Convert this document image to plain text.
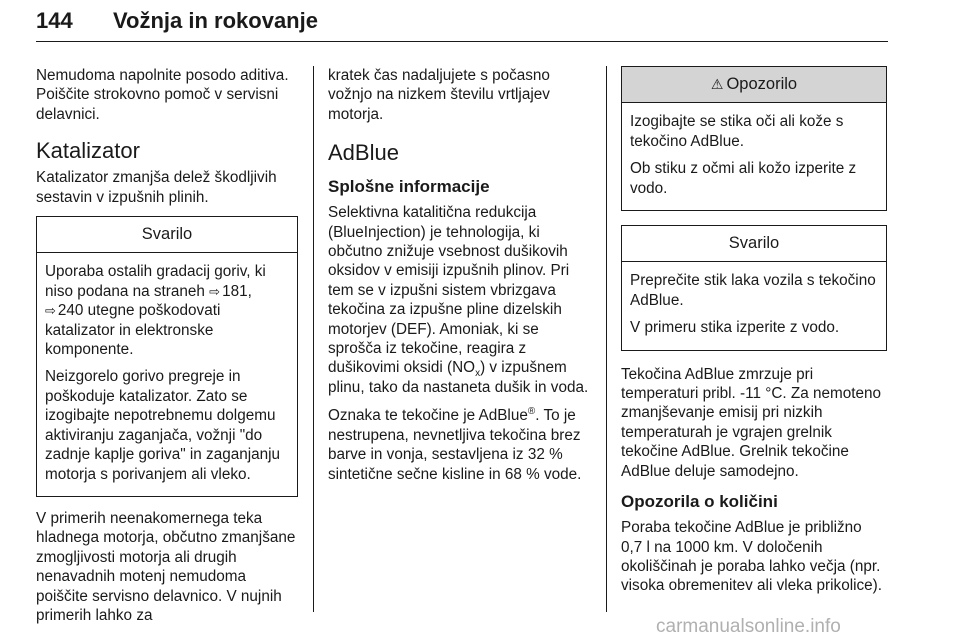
144 Vožnja in rokovanje

Nemudoma napolnite posodo aditiva. Poiščite strokovno pomoč v servisni delavnici.

Katalizator

Katalizator zmanjša delež škodljivih sestavin v izpušnih plinih.

Svarilo

Uporaba ostalih gradacij goriv, ki niso podana na straneh ⇨ 181,
⇨ 240 utegne poškodovati katalizator in elektronske komponente.

Neizgorelo gorivo pregreje in poškoduje katalizator. Zato se izogibajte nepotrebnemu dolgemu aktiviranju zaganjača, vožnji "do zadnje kaplje goriva" in zaganjanju motorja s porivanjem ali vleko.

V primerih neenakomernega teka hladnega motorja, občutno zmanjšane zmogljivosti motorja ali drugih nenavadnih motenj nemudoma poiščite servisno delavnico. V nujnih primerih lahko za

kratek čas nadaljujete s počasno vožnjo na nizkem številu vrtljajev motorja.

AdBlue
Splošne informacije

Selektivna katalitična redukcija (BlueInjection) je tehnologija, ki občutno znižuje vsebnost dušikovih oksidov v emisiji izpušnih plinov. Pri tem se v izpušni sistem vbrizgava tekočina za izpušne pline dizelskih motorjev (DEF). Amoniak, ki se sprošča iz tekočine, reagira z dušikovimi oksidi $(NO_x)$ v izpušnem plinu, tako da nastaneta dušik in voda.

Oznaka te tekočine je AdBlue®. To je nestrupena, nevnetljiva tekočina brez barve in vonja, sestavljena iz 32 % sintetične sečne kisline in 68 % vode.

⚠ Opozorilo

Izogibajte se stika oči ali kože s tekočino AdBlue.

Ob stiku z očmi ali kožo izperite z vodo.

Svarilo

Preprečite stik laka vozila s tekočino AdBlue.

V primeru stika izperite z vodo.

Tekočina AdBlue zmrzuje pri temperaturi pribl. -11 °C. Za nemoteno zmanjševanje emisij pri nizkih temperaturah je vgrajen grelnik tekočine AdBlue. Grelnik tekočine AdBlue deluje samodejno.

Opozorila o količini

Poraba tekočine AdBlue je približno 0,7 l na 1000 km. V določenih okoliščinah je poraba lahko večja (npr. visoka obremenitev ali vleka prikolice).

carmanualsonline.info
